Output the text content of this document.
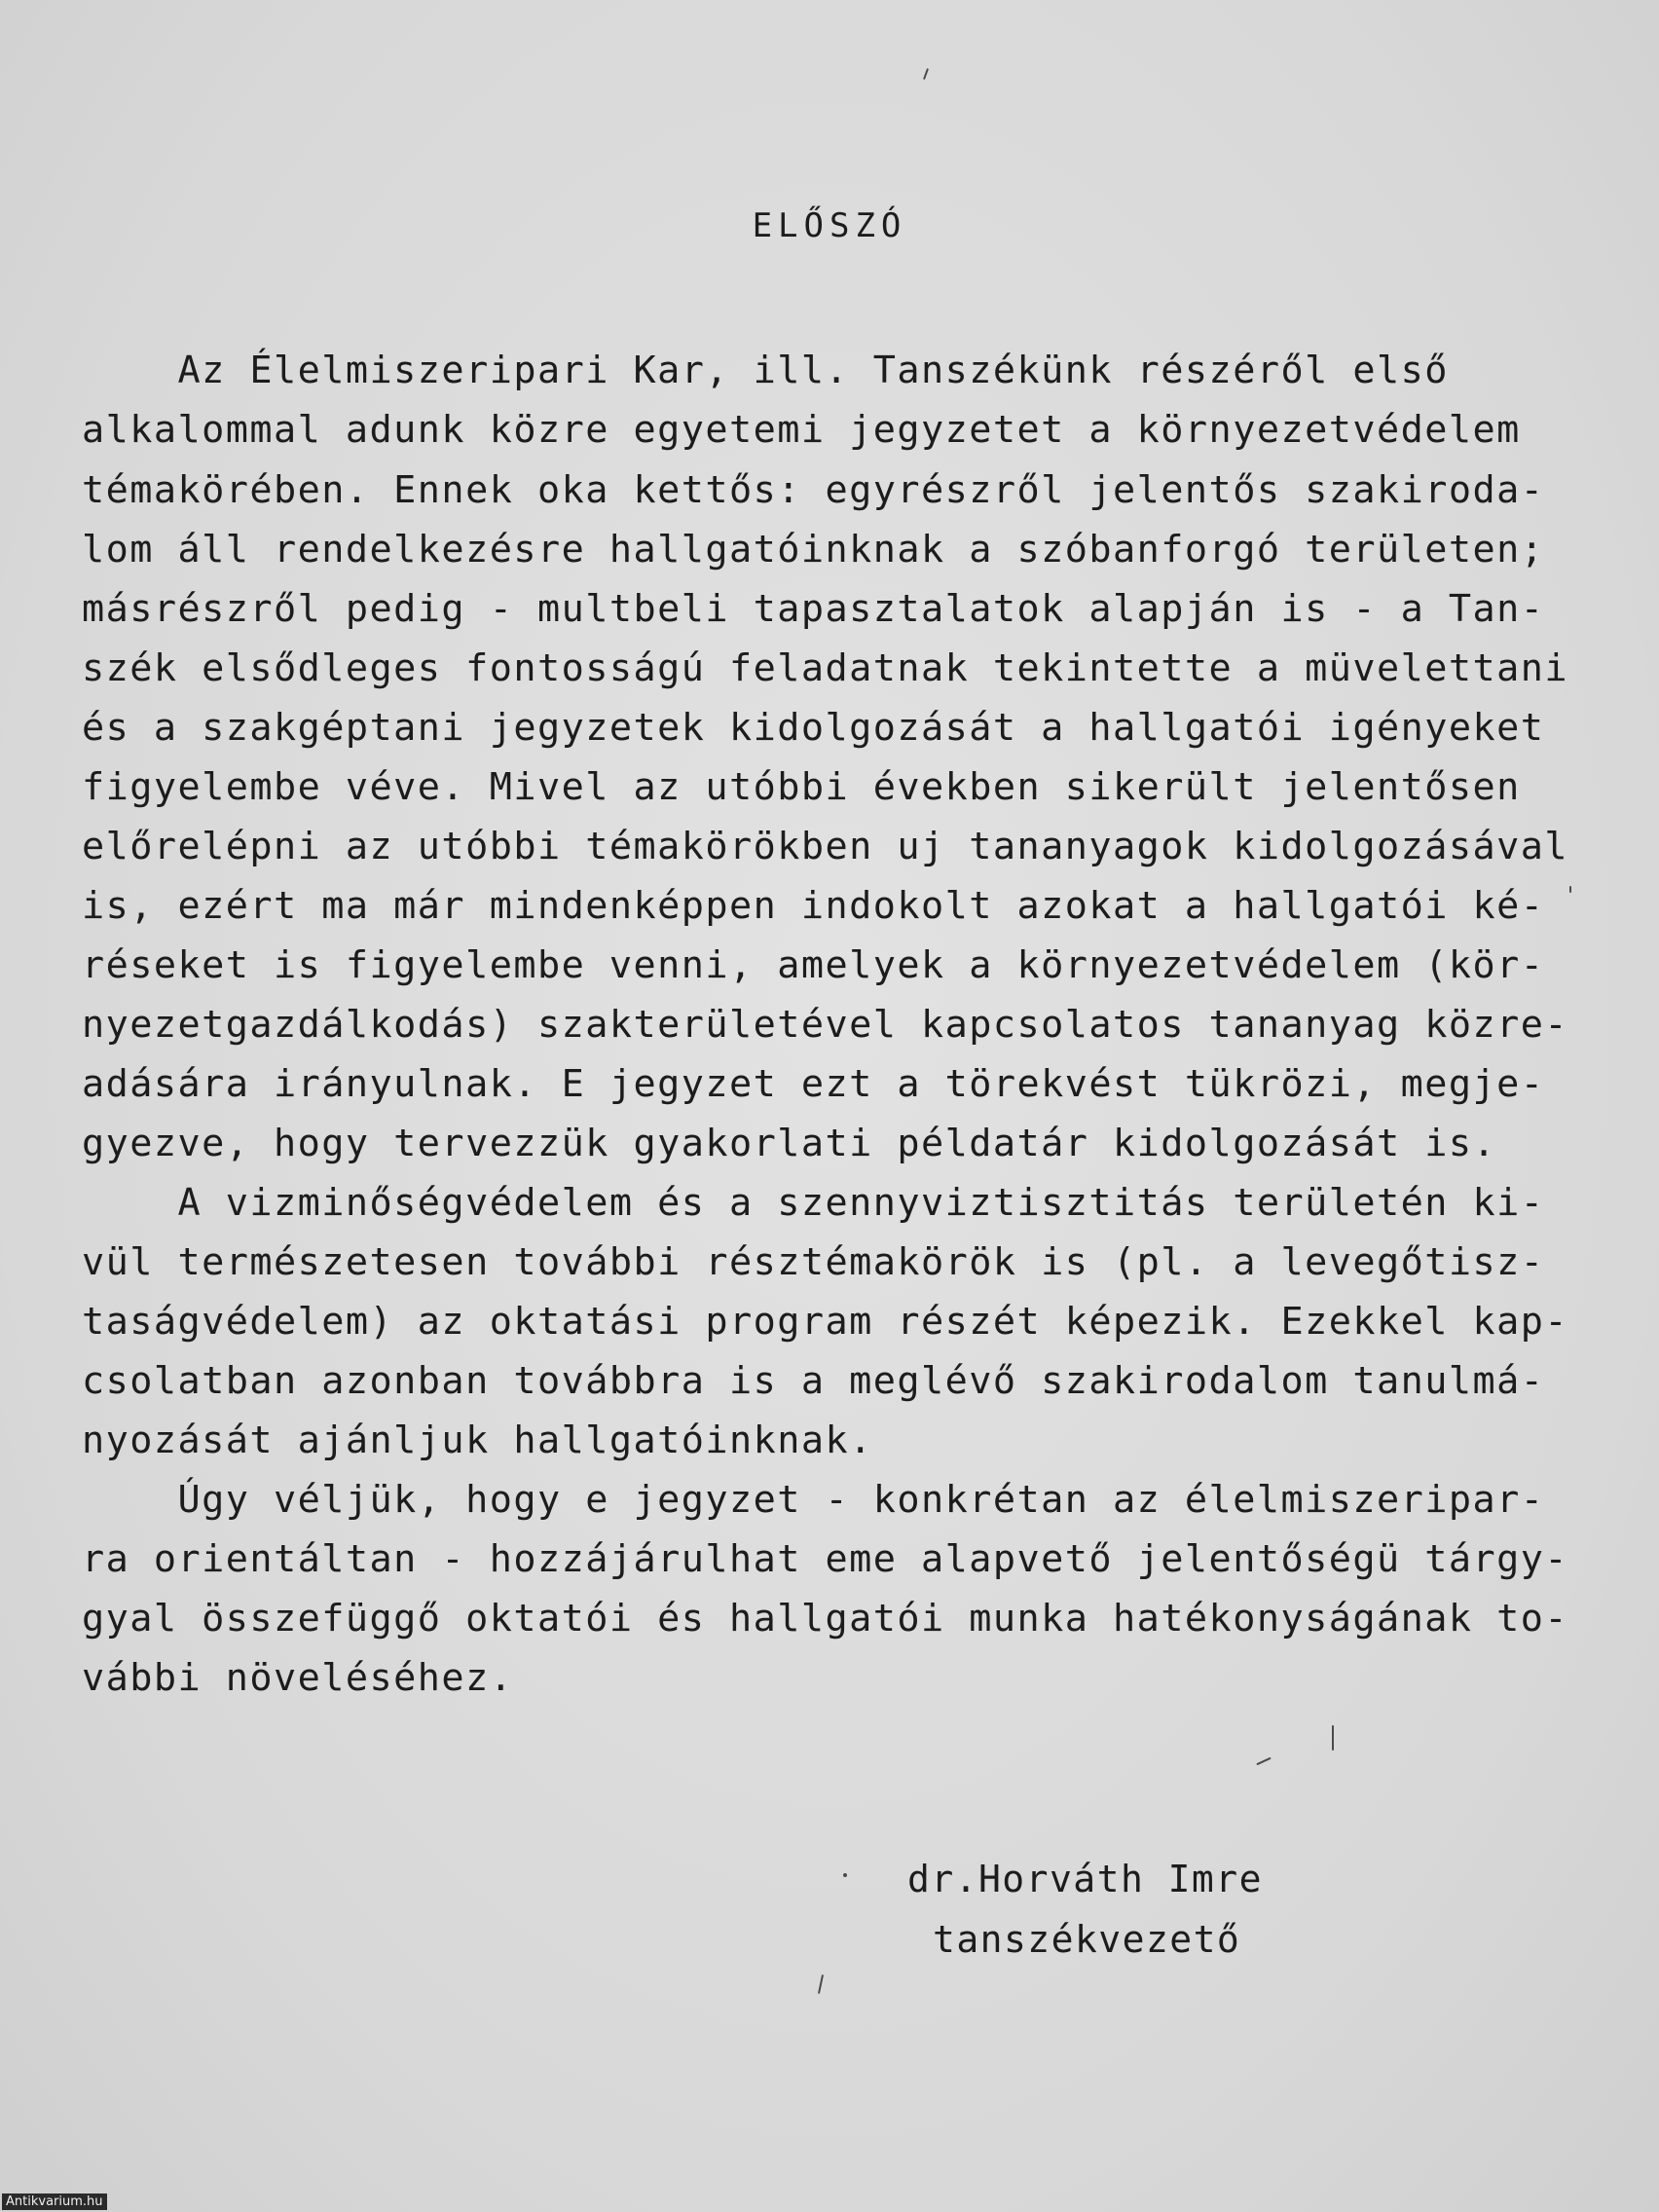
ELŐSZÓ
Az Élelmiszeripari Kar, ill. Tanszékünk részéről első
alkalommal adunk közre egyetemi jegyzetet a környezetvédelem
témakörében. Ennek oka kettős: egyrészről jelentős szakiroda-
lom áll rendelkezésre hallgatóinknak a szóbanforgó területen;
másrészről pedig - multbeli tapasztalatok alapján is - a Tan-
szék elsődleges fontosságú feladatnak tekintette a müvelettani
és a szakgéptani jegyzetek kidolgozását a hallgatói igényeket
figyelembe véve. Mivel az utóbbi években sikerült jelentősen
előrelépni az utóbbi témakörökben uj tananyagok kidolgozásával
is, ezért ma már mindenképpen indokolt azokat a hallgatói ké-
réseket is figyelembe venni, amelyek a környezetvédelem (kör-
nyezetgazdálkodás) szakterületével kapcsolatos tananyag közre-
adására irányulnak. E jegyzet ezt a törekvést tükrözi, megje-
gyezve, hogy tervezzük gyakorlati példatár kidolgozását is.
A vizminőségvédelem és a szennyviztisztitás területén ki-
vül természetesen további résztémakörök is (pl. a levegőtisz-
taságvédelem) az oktatási program részét képezik. Ezekkel kap-
csolatban azonban továbbra is a meglévő szakirodalom tanulmá-
nyozását ajánljuk hallgatóinknak.
Úgy véljük, hogy e jegyzet - konkrétan az élelmiszeripar-
ra orientáltan - hozzájárulhat eme alapvető jelentőségü tárgy-
gyal összefüggő oktatói és hallgatói munka hatékonyságának to-
vábbi növeléséhez.
dr.Horváth Imre
tanszékvezető
Antikvarium.hu
